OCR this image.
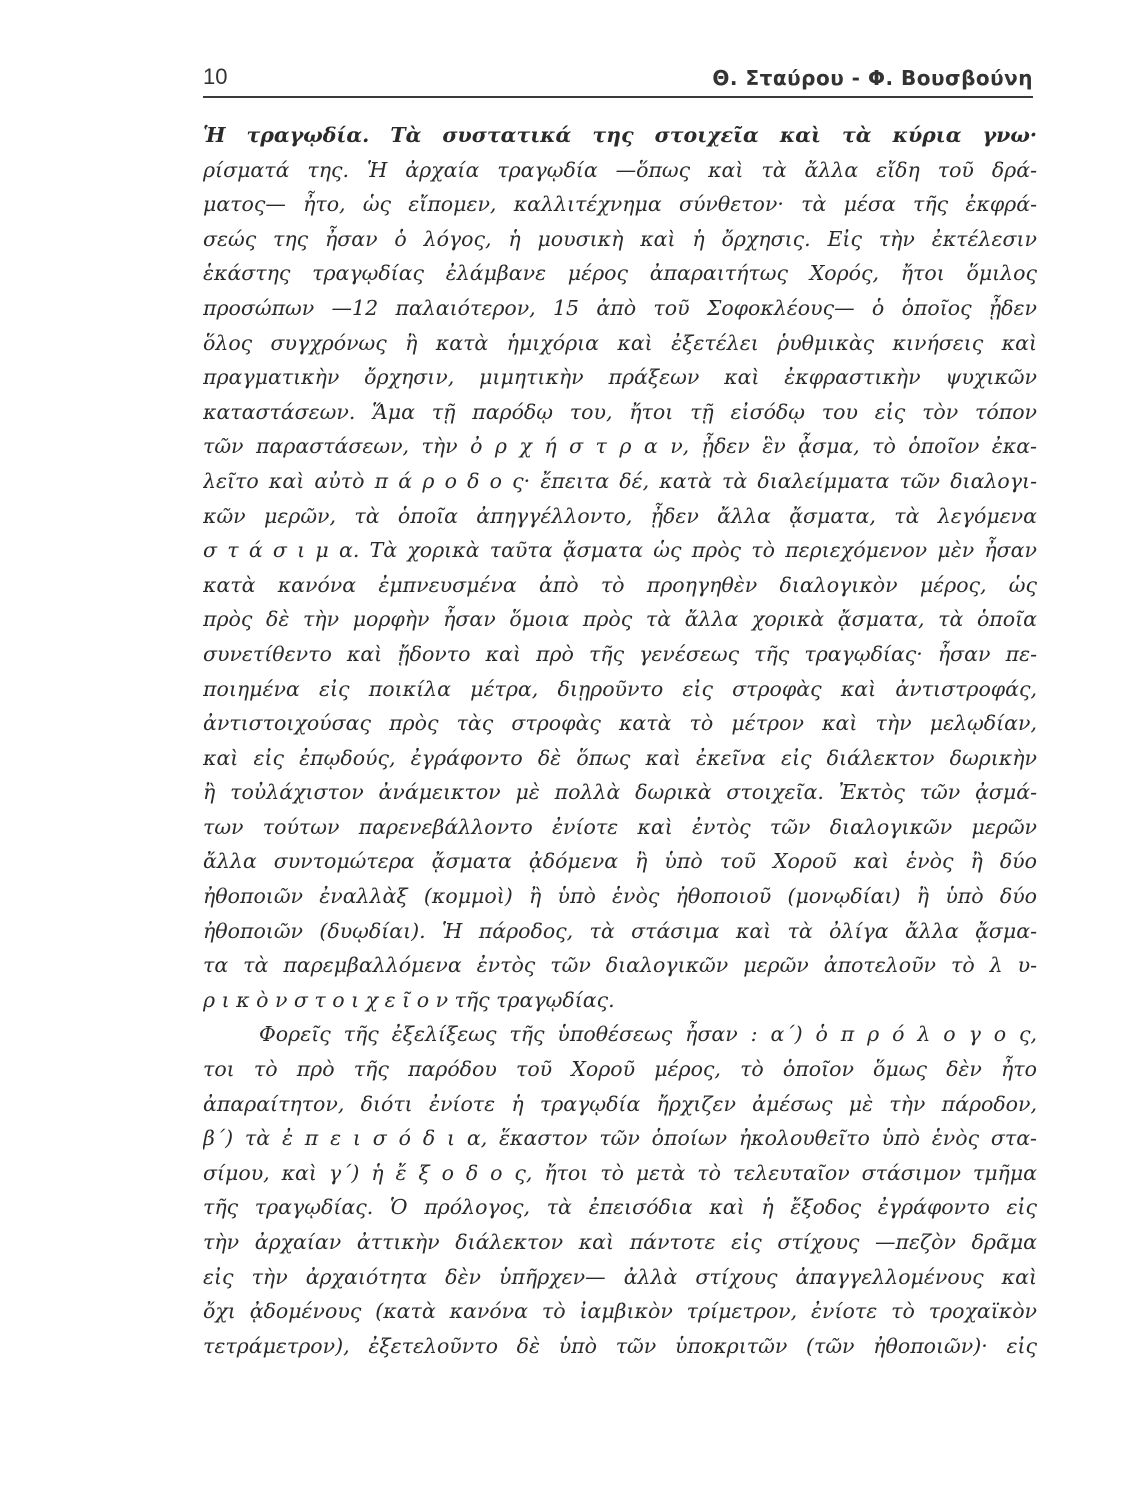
10	Θ. Σταύρου - Φ. Βουσβούνη
Ἡ τραγῳδία. Τὰ συστατικά της στοιχεῖα καὶ τὰ κύρια γνω·
ρίσματά της. Ἡ ἀρχαία τραγῳδία —ὅπως καὶ τὰ ἄλλα εἴδη τοῦ δρά-
ματος— ἦτο, ὡς εἴπομεν, καλλιτέχνημα σύνθετον· τὰ μέσα τῆς ἐκφρά-
σεώς της ἦσαν ὁ λόγος, ἡ μουσικὴ καὶ ἡ ὄρχησις. Εἰς τὴν ἐκτέλεσιν
ἑκάστης τραγῳδίας ἐλάμβανε μέρος ἀπαραιτήτως Χορός, ἤτοι ὅμιλος
προσώπων —12 παλαιότερον, 15 ἀπὸ τοῦ Σοφοκλέους— ὁ ὁποῖος ᾖδεν
ὅλος συγχρόνως ἢ κατὰ ἡμιχόρια καὶ ἐξετέλει ῥυθμικὰς κινήσεις καὶ
πραγματικὴν ὄρχησιν, μιμητικὴν πράξεων καὶ ἐκφραστικὴν ψυχικῶν
καταστάσεων. Ἅμα τῇ παρόδῳ του, ἤτοι τῇ εἰσόδῳ του εἰς τὸν τόπον
τῶν παραστάσεων, τὴν ὀ ρ χ ή σ τ ρ α ν, ᾖδεν ἓν ᾆσμα, τὸ ὁποῖον ἐκα-
λεῖτο καὶ αὐτὸ π ά ρ ο δ ο ς· ἔπειτα δέ, κατὰ τὰ διαλείμματα τῶν διαλογι-
κῶν μερῶν, τὰ ὁποῖα ἀπηγγέλλοντο, ᾖδεν ἄλλα ᾄσματα, τὰ λεγόμενα
σ τ ά σ ι μ α. Τὰ χορικὰ ταῦτα ᾄσματα ὡς πρὸς τὸ περιεχόμενον μὲν ἦσαν
κατὰ κανόνα ἐμπνευσμένα ἀπὸ τὸ προηγηθὲν διαλογικὸν μέρος, ὡς
πρὸς δὲ τὴν μορφὴν ἦσαν ὅμοια πρὸς τὰ ἄλλα χορικὰ ᾄσματα, τὰ ὁποῖα
συνετίθεντο καὶ ᾔδοντο καὶ πρὸ τῆς γενέσεως τῆς τραγῳδίας· ἦσαν πε-
ποιημένα εἰς ποικίλα μέτρα, διῃροῦντο εἰς στροφὰς καὶ ἀντιστροφάς,
ἀντιστοιχούσας πρὸς τὰς στροφὰς κατὰ τὸ μέτρον καὶ τὴν μελῳδίαν,
καὶ εἰς ἐπῳδούς, ἐγράφοντο δὲ ὅπως καὶ ἐκεῖνα εἰς διάλεκτον δωρικὴν
ἢ τοὐλάχιστον ἀνάμεικτον μὲ πολλὰ δωρικὰ στοιχεῖα. Ἐκτὸς τῶν ᾀσμά-
των τούτων παρενεβάλλοντο ἐνίοτε καὶ ἐντὸς τῶν διαλογικῶν μερῶν
ἄλλα συντομώτερα ᾄσματα ᾀδόμενα ἢ ὑπὸ τοῦ Χοροῦ καὶ ἑνὸς ἢ δύο
ἠθοποιῶν ἐναλλὰξ (κομμοὶ) ἢ ὑπὸ ἑνὸς ἠθοποιοῦ (μονῳδίαι) ἢ ὑπὸ δύο
ἠθοποιῶν (δυῳδίαι). Ἡ πάροδος, τὰ στάσιμα καὶ τὰ ὀλίγα ἄλλα ᾄσμα-
τα τὰ παρεμβαλλόμενα ἐντὸς τῶν διαλογικῶν μερῶν ἀποτελοῦν τὸ λ υ-
ρ ι κ ὸ ν σ τ ο ι χ ε ῖ ο ν τῆς τραγῳδίας.
Φορεῖς τῆς ἐξελίξεως τῆς ὑποθέσεως ἦσαν : α΄) ὁ π ρ ό λ ο γ ο ς,
τοι τὸ πρὸ τῆς παρόδου τοῦ Χοροῦ μέρος, τὸ ὁποῖον ὅμως δὲν ἦτο
ἀπαραίτητον, διότι ἐνίοτε ἡ τραγῳδία ἤρχιζεν ἀμέσως μὲ τὴν πάροδον,
β΄) τὰ ἐ π ε ι σ ό δ ι α, ἕκαστον τῶν ὁποίων ἠκολουθεῖτο ὑπὸ ἑνὸς στα-
σίμου, καὶ γ΄) ἡ ἔ ξ ο δ ο ς, ἤτοι τὸ μετὰ τὸ τελευταῖον στάσιμον τμῆμα
τῆς τραγῳδίας. Ὁ πρόλογος, τὰ ἐπεισόδια καὶ ἡ ἔξοδος ἐγράφοντο εἰς
τὴν ἀρχαίαν ἀττικὴν διάλεκτον καὶ πάντοτε εἰς στίχους —πεζὸν δρᾶμα
εἰς τὴν ἀρχαιότητα δὲν ὑπῆρχεν— ἀλλὰ στίχους ἀπαγγελλομένους καὶ
ὄχι ᾀδομένους (κατὰ κανόνα τὸ ἰαμβικὸν τρίμετρον, ἐνίοτε τὸ τροχαϊκὸν
τετράμετρον), ἐξετελοῦντο δὲ ὑπὸ τῶν ὑποκριτῶν (τῶν ἠθοποιῶν)· εἰς
